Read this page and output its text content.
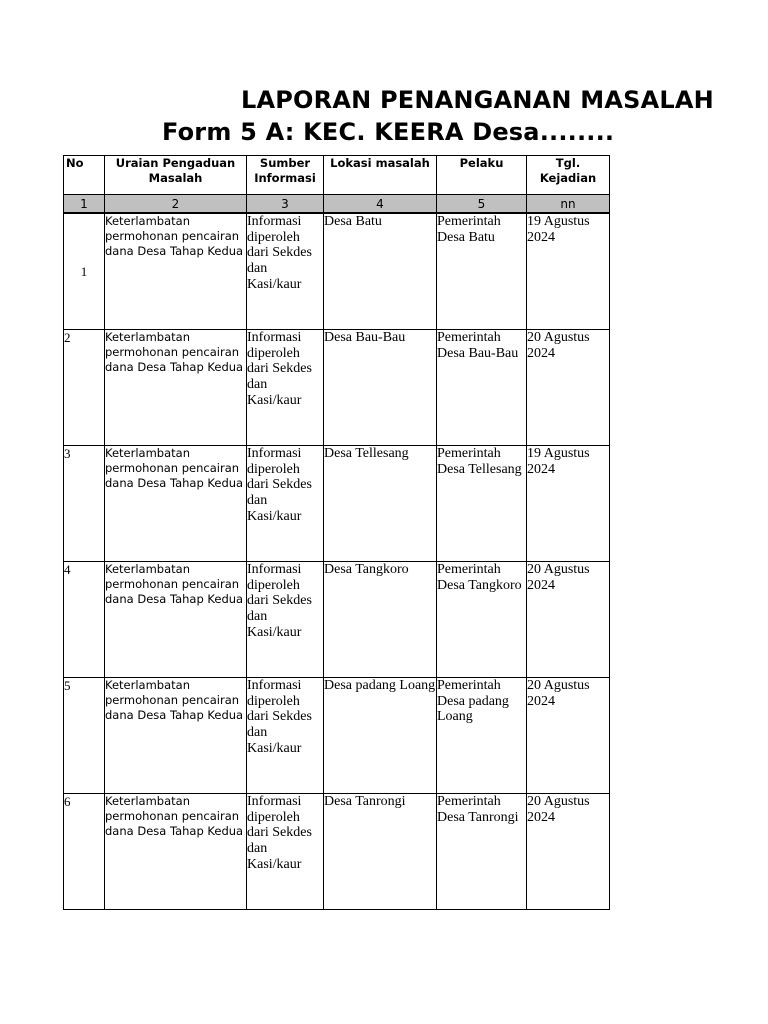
LAPORAN PENANGANAN MASALAH
Form 5 A: KEC. KEERA Desa........
No	Uraian Pengaduan Masalah	Sumber Informasi	Lokasi masalah	Pelaku	Tgl. Kejadian
1	2	3	4	5	nn
1	Keterlambatan permohonan pencairan dana Desa Tahap Kedua	Informasi diperoleh dari Sekdes dan Kasi/kaur	Desa Batu	Pemerintah Desa Batu	19 Agustus 2024
2	Keterlambatan permohonan pencairan dana Desa Tahap Kedua	Informasi diperoleh dari Sekdes dan Kasi/kaur	Desa Bau-Bau	Pemerintah Desa Bau-Bau	20 Agustus 2024
3	Keterlambatan permohonan pencairan dana Desa Tahap Kedua	Informasi diperoleh dari Sekdes dan Kasi/kaur	Desa Tellesang	Pemerintah Desa Tellesang	19 Agustus 2024
4	Keterlambatan permohonan pencairan dana Desa Tahap Kedua	Informasi diperoleh dari Sekdes dan Kasi/kaur	Desa Tangkoro	Pemerintah Desa Tangkoro	20 Agustus 2024
5	Keterlambatan permohonan pencairan dana Desa Tahap Kedua	Informasi diperoleh dari Sekdes dan Kasi/kaur	Desa padang Loang	Pemerintah Desa padang Loang	20 Agustus 2024
6	Keterlambatan permohonan pencairan dana Desa Tahap Kedua	Informasi diperoleh dari Sekdes dan Kasi/kaur	Desa Tanrongi	Pemerintah Desa Tanrongi	20 Agustus 2024
